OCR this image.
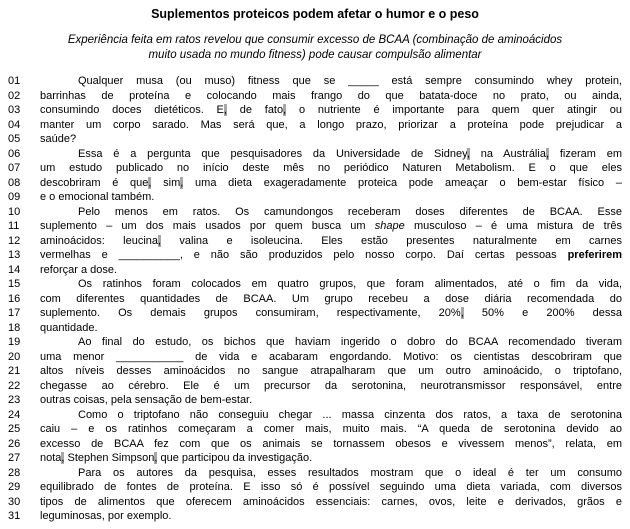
Suplementos proteicos podem afetar o humor e o peso
Experiência feita em ratos revelou que consumir excesso de BCAA (combinação de aminoácidos
muito usada no mundo fitness) pode causar compulsão alimentar
01	Qualquer musa (ou muso) fitness que se _____ está sempre consumindo whey protein,
02	barrinhas de proteína e colocando mais frango do que batata-doce no prato, ou ainda,
03	consumindo doces dietéticos. E, de fato, o nutriente é importante para quem quer atingir ou
04	manter um corpo sarado. Mas será que, a longo prazo, priorizar a proteína pode prejudicar a
05	saúde?
06	Essa é a pergunta que pesquisadores da Universidade de Sidney, na Austrália, fizeram em
07	um estudo publicado no início deste mês no periódico Naturen Metabolism. E o que eles
08	descobriram é que, sim, uma dieta exageradamente proteica pode ameaçar o bem-estar físico –
09	e o emocional também.
10	Pelo menos em ratos. Os camundongos receberam doses diferentes de BCAA. Esse
11	suplemento – um dos mais usados por quem busca um shape musculoso – é uma mistura de três
12	aminoácidos: leucina, valina e isoleucina. Eles estão presentes naturalmente em carnes
13	vermelhas e __________, e não são produzidos pelo nosso corpo. Daí certas pessoas preferirem
14	reforçar a dose.
15	Os ratinhos foram colocados em quatro grupos, que foram alimentados, até o fim da vida,
16	com diferentes quantidades de BCAA. Um grupo recebeu a dose diária recomendada do
17	suplemento. Os demais grupos consumiram, respectivamente, 20%, 50% e 200% dessa
18	quantidade.
19	Ao final do estudo, os bichos que haviam ingerido o dobro do BCAA recomendado tiveram
20	uma menor ___________ de vida e acabaram engordando. Motivo: os cientistas descobriram que
21	altos níveis desses aminoácidos no sangue atrapalharam que um outro aminoácido, o triptofano,
22	chegasse ao cérebro. Ele é um precursor da serotonina, neurotransmissor responsável, entre
23	outras coisas, pela sensação de bem-estar.
24	Como o triptofano não conseguiu chegar ... massa cinzenta dos ratos, a taxa de serotonina
25	caiu – e os ratinhos começaram a comer mais, muito mais. “A queda de serotonina devido ao
26	excesso de BCAA fez com que os animais se tornassem obesos e vivessem menos”, relata, em
27	nota, Stephen Simpson, que participou da investigação.
28	Para os autores da pesquisa, esses resultados mostram que o ideal é ter um consumo
29	equilibrado de fontes de proteína. E isso só é possível seguindo uma dieta variada, com diversos
30	tipos de alimentos que oferecem aminoácidos essenciais: carnes, ovos, leite e derivados, grãos e
31	leguminosas, por exemplo.
